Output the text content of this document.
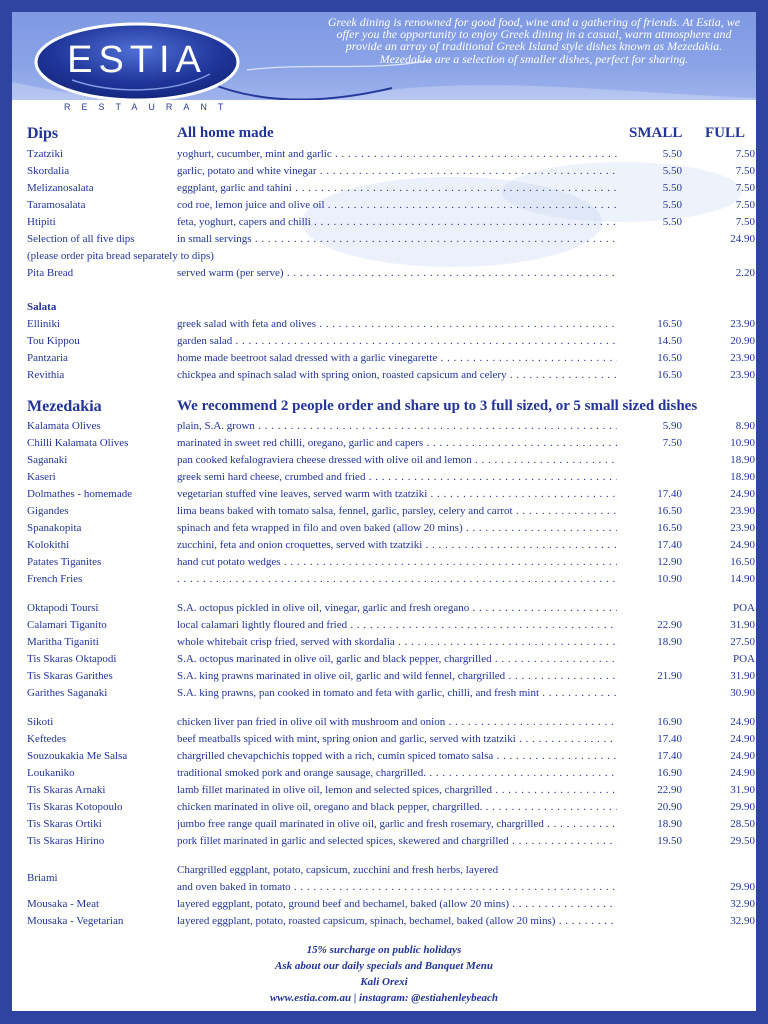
Greek dining is renowned for good food, wine and a gathering of friends. At Estia, we offer you the opportunity to enjoy Greek dining in a casual, warm atmosphere and provide an array of traditional Greek Island style dishes known as Mezedakia. Mezedakia are a selection of smaller dishes, perfect for sharing.
ESTIA
RESTAURANT
Dips	All home made	SMALL FULL
Tzatziki	yoghurt, cucumber, mint and garlic . . .	5.50	7.50
Skordalia	garlic, potato and white vinegar . . .	5.50	7.50
Melizanosalata	eggplant, garlic and tahini . . .	5.50	7.50
Taramosalata	cod roe, lemon juice and olive oil . . .	5.50	7.50
Htipiti	feta, yoghurt, capers and chilli . . .	5.50	7.50
Selection of all five dips	in small servings . . .	24.90
(please order pita bread separately to dips)
Pita Bread	served warm (per serve) . . .	2.20
Salata
Elliniki	greek salad with feta and olives . . .	16.50	23.90
Tou Kippou	garden salad . . .	14.50	20.90
Pantzaria	home made beetroot salad dressed with a garlic vinegarette . . .	16.50	23.90
Revithia	chickpea and spinach salad with spring onion, roasted capsicum and celery . . .	16.50	23.90
Mezedakia	We recommend 2 people order and share up to 3 full sized, or 5 small sized dishes
Kalamata Olives	plain, S.A. grown . . .	5.90	8.90
Chilli Kalamata Olives	marinated in sweet red chilli, oregano, garlic and capers . . .	7.50	10.90
Saganaki	pan cooked kefalograviera cheese dressed with olive oil and lemon . . .	18.90
Kaseri	greek semi hard cheese, crumbed and fried . . .	18.90
Dolmathes - homemade	vegetarian stuffed vine leaves, served warm with tzatziki . . .	17.40	24.90
Gigandes	lima beans baked with tomato salsa, fennel, garlic, parsley, celery and carrot . . .	16.50	23.90
Spanakopita	spinach and feta wrapped in filo and oven baked (allow 20 mins) . . .	16.50	23.90
Kolokithi	zucchini, feta and onion croquettes, served with tzatziki . . .	17.40	24.90
Patates Tiganites	hand cut potato wedges . . .	12.90	16.50
French Fries
. . .	10.90	14.90
Oktapodi Toursi	S.A. octopus pickled in olive oil, vinegar, garlic and fresh oregano . . .	POA
Calamari Tiganito	local calamari lightly floured and fried . . .	22.90	31.90
Maritha Tiganiti	whole whitebait crisp fried, served with skordalia . . .	18.90	27.50
Tis Skaras Oktapodi	S.A. octopus marinated in olive oil, garlic and black pepper, chargrilled . . .	POA
Tis Skaras Garithes	S.A. king prawns marinated in olive oil, garlic and wild fennel, chargrilled . . .	21.90	31.90
Garithes Saganaki	S.A. king prawns, pan cooked in tomato and feta with garlic, chilli, and fresh mint . . .	30.90
Sikoti	chicken liver pan fried in olive oil with mushroom and onion . . .	16.90	24.90
Keftedes	beef meatballs spiced with mint, spring onion and garlic, served with tzatziki . . .	17.40	24.90
Souzoukakia Me Salsa	chargrilled chevapchichis topped with a rich, cumin spiced tomato salsa . . .	17.40	24.90
Loukaniko	traditional smoked pork and orange sausage, chargrilled. . . .	16.90	24.90
Tis Skaras Arnaki	lamb fillet marinated in olive oil, lemon and selected spices, chargrilled . . .	22.90	31.90
Tis Skaras Kotopoulo	chicken marinated in olive oil, oregano and black pepper, chargrilled. . . .	20.90	29.90
Tis Skaras Ortiki	jumbo free range quail marinated in olive oil, garlic and fresh rosemary, chargrilled . . .	18.90	28.50
Tis Skaras Hirino	pork fillet marinated in garlic and selected spices, skewered and chargrilled . . .	19.50	29.50
Briami
Chargrilled eggplant, potato, capsicum, zucchini and fresh herbs, layered
and oven baked in tomato . . .	29.90
Mousaka - Meat	layered eggplant, potato, ground beef and bechamel, baked (allow 20 mins) . . .	32.90
Mousaka - Vegetarian	layered eggplant, potato, roasted capsicum, spinach, bechamel, baked (allow 20 mins) . . .	32.90
15% surcharge on public holidays
Ask about our daily specials and Banquet Menu
Kali Orexi
www.estia.com.au | instagram: @estiahenleybeach
